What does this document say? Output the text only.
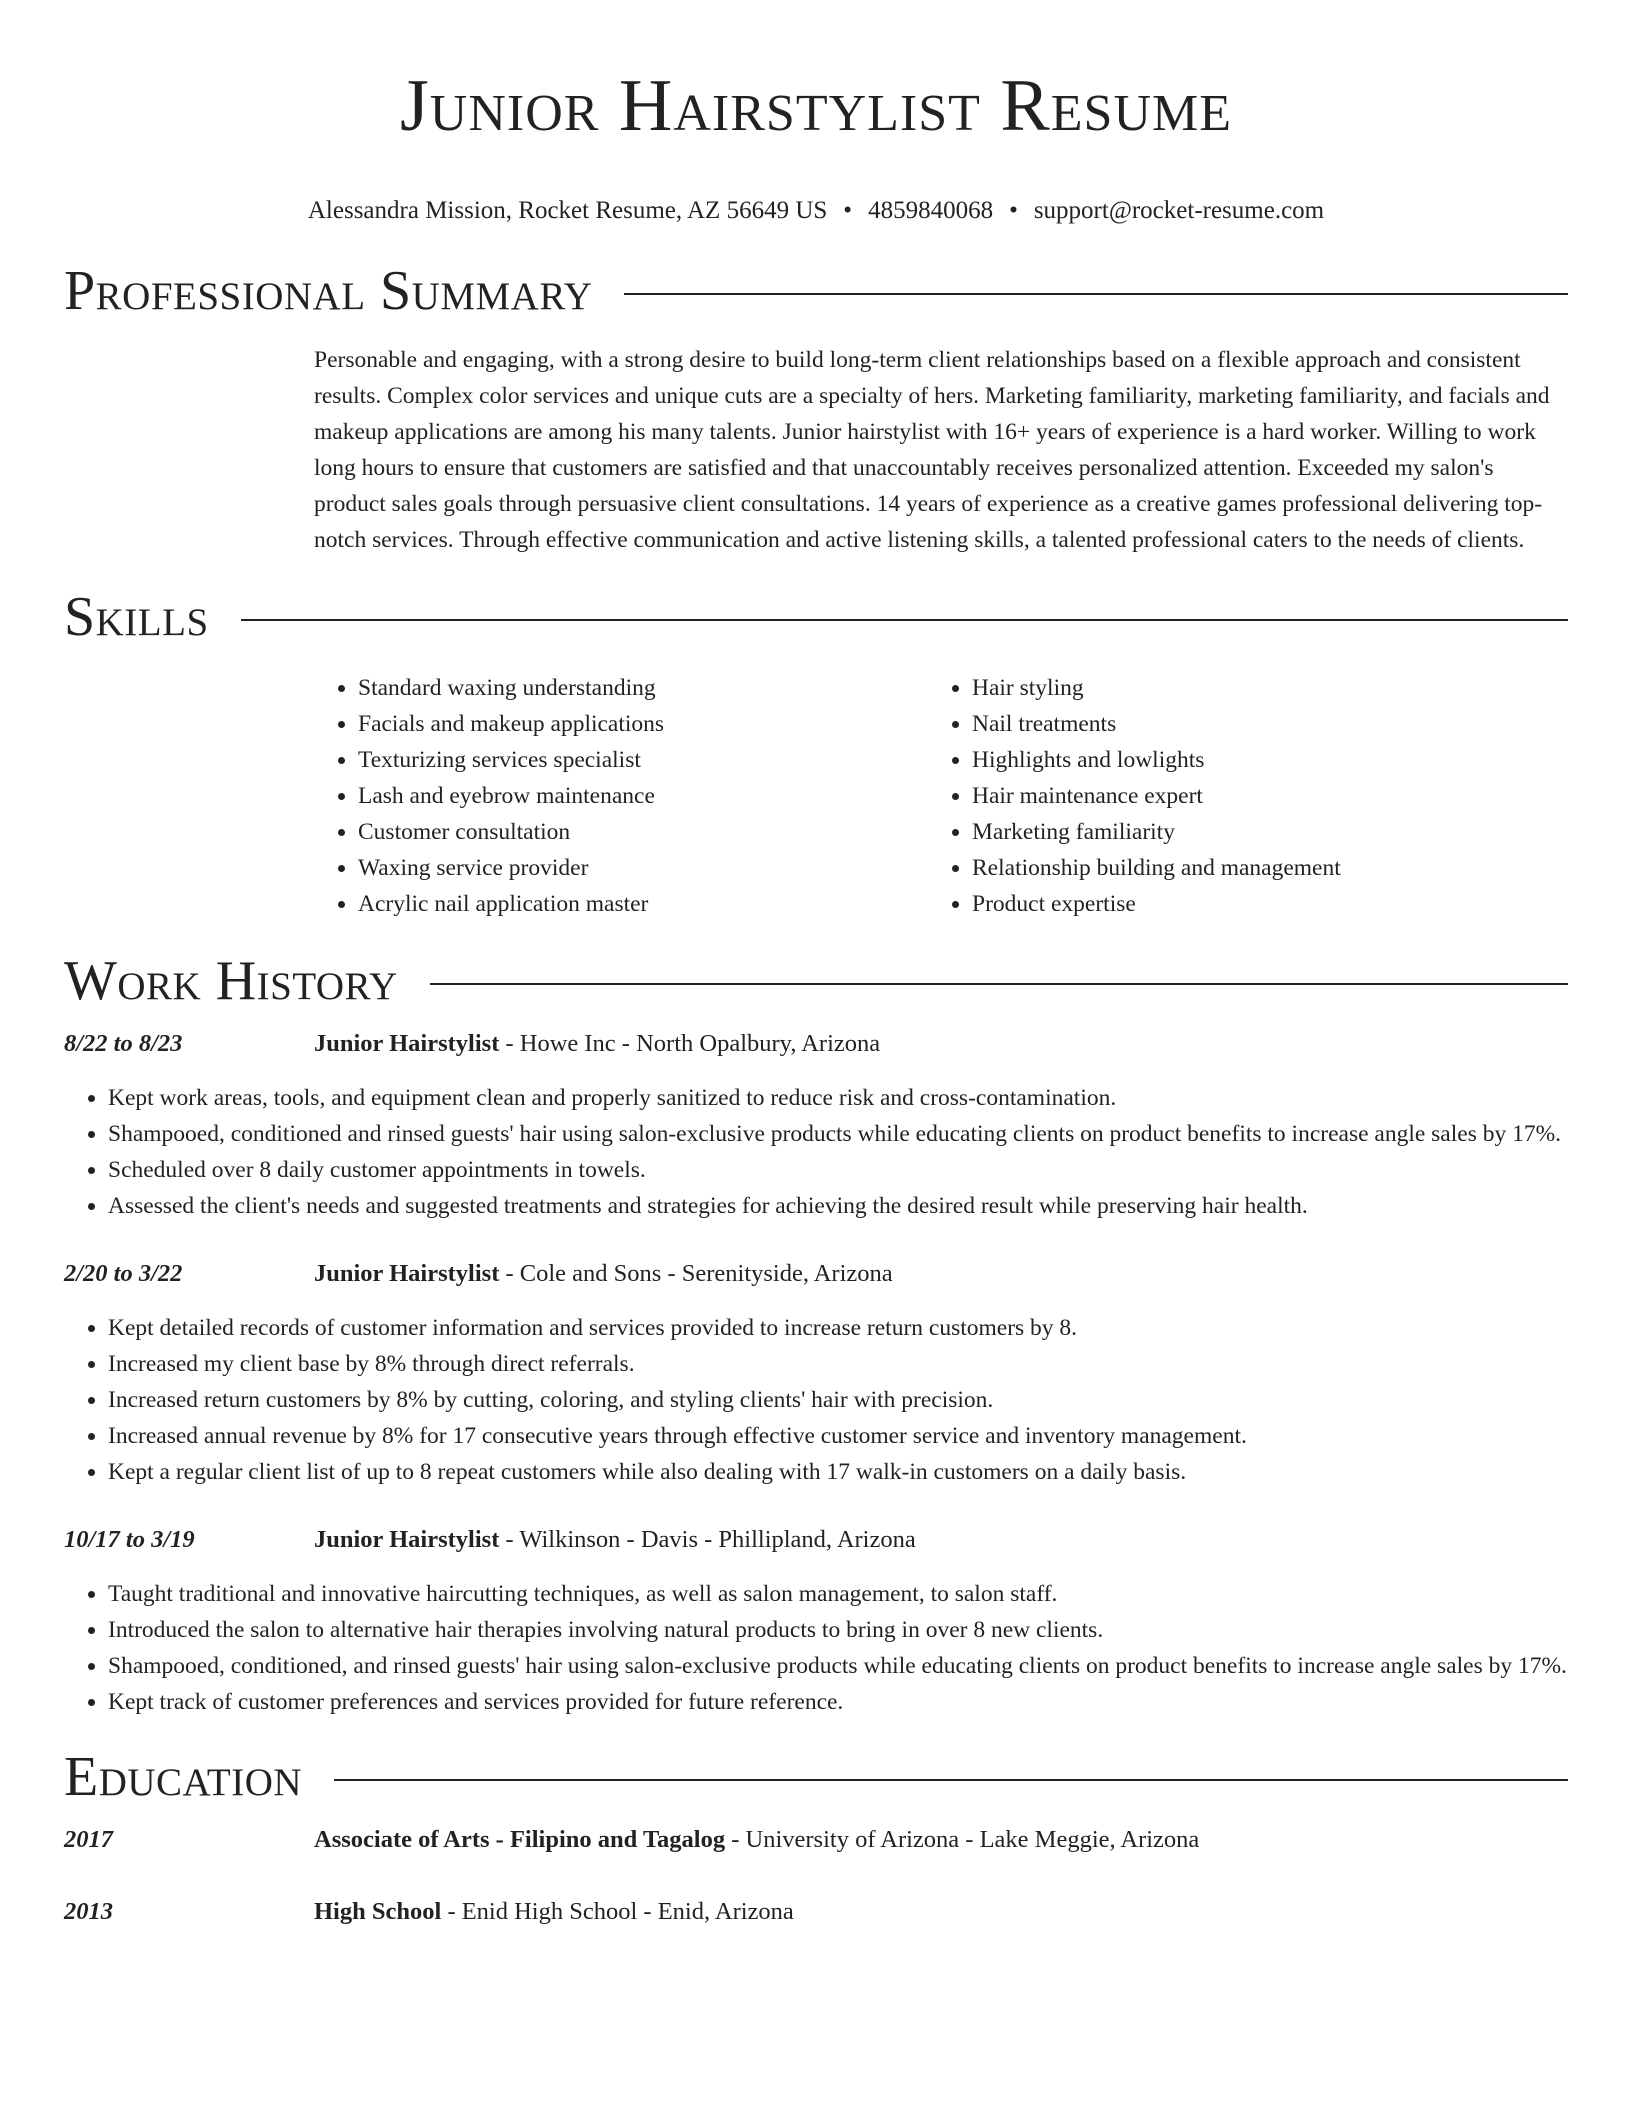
Junior Hairstylist Resume
Alessandra Mission, Rocket Resume, AZ 56649 US • 4859840068 • support@rocket-resume.com
Professional Summary

Personable and engaging, with a strong desire to build long-term client relationships based on a flexible approach and consistent results. Complex color services and unique cuts are a specialty of hers. Marketing familiarity, marketing familiarity, and facials and makeup applications are among his many talents. Junior hairstylist with 16+ years of experience is a hard worker. Willing to work long hours to ensure that customers are satisfied and that unaccountably receives personalized attention. Exceeded my salon's product sales goals through persuasive client consultations. 14 years of experience as a creative games professional delivering top-notch services. Through effective communication and active listening skills, a talented professional caters to the needs of clients.

Skills
• Standard waxing understanding
• Facials and makeup applications
• Texturizing services specialist
• Lash and eyebrow maintenance
• Customer consultation
• Waxing service provider
• Acrylic nail application master
• Hair styling
• Nail treatments
• Highlights and lowlights
• Hair maintenance expert
• Marketing familiarity
• Relationship building and management
• Product expertise
Work History
8/22 to 8/23	Junior Hairstylist - Howe Inc - North Opalbury, Arizona
• Kept work areas, tools, and equipment clean and properly sanitized to reduce risk and cross-contamination.
• Shampooed, conditioned and rinsed guests' hair using salon-exclusive products while educating clients on product benefits to increase angle sales by 17%.
• Scheduled over 8 daily customer appointments in towels.
• Assessed the client's needs and suggested treatments and strategies for achieving the desired result while preserving hair health.
2/20 to 3/22	Junior Hairstylist - Cole and Sons - Serenityside, Arizona
• Kept detailed records of customer information and services provided to increase return customers by 8.
• Increased my client base by 8% through direct referrals.
• Increased return customers by 8% by cutting, coloring, and styling clients' hair with precision.
• Increased annual revenue by 8% for 17 consecutive years through effective customer service and inventory management.
• Kept a regular client list of up to 8 repeat customers while also dealing with 17 walk-in customers on a daily basis.
10/17 to 3/19	Junior Hairstylist - Wilkinson - Davis - Phillipland, Arizona
• Taught traditional and innovative haircutting techniques, as well as salon management, to salon staff.
• Introduced the salon to alternative hair therapies involving natural products to bring in over 8 new clients.
• Shampooed, conditioned, and rinsed guests' hair using salon-exclusive products while educating clients on product benefits to increase angle sales by 17%.
• Kept track of customer preferences and services provided for future reference.
Education
2017	Associate of Arts - Filipino and Tagalog - University of Arizona - Lake Meggie, Arizona
2013	High School - Enid High School - Enid, Arizona
